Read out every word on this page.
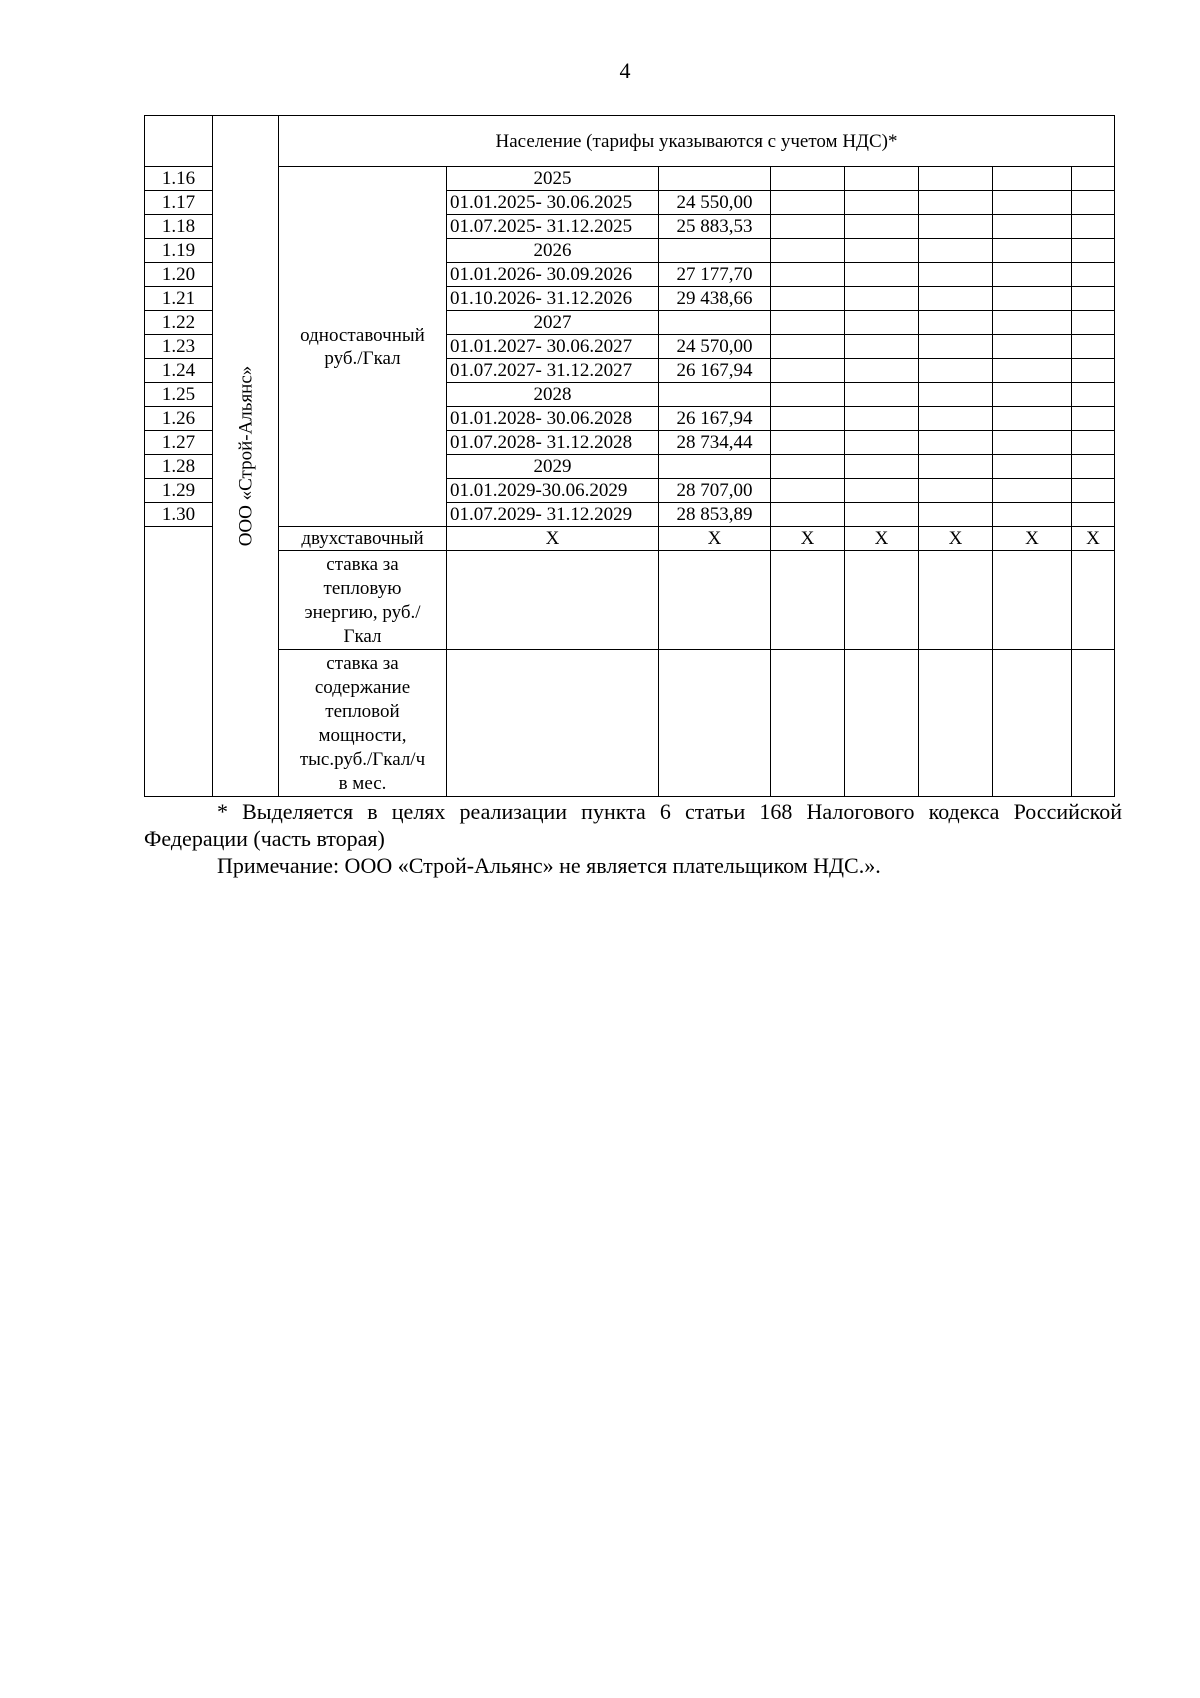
4

	ООО «Строй-Альянс»	Население (тарифы указываются с учетом НДС)*							
1.16		одноставочный руб./Гкал	2025						
1.17			01.01.2025- 30.06.2025	24 550,00					
1.18			01.07.2025- 31.12.2025	25 883,53					
1.19			2026						
1.20			01.01.2026- 30.09.2026	27 177,70					
1.21			01.10.2026- 31.12.2026	29 438,66					
1.22			2027						
1.23			01.01.2027- 30.06.2027	24 570,00					
1.24			01.07.2027- 31.12.2027	26 167,94					
1.25			2028						
1.26			01.01.2028- 30.06.2028	26 167,94					
1.27			01.07.2028- 31.12.2028	28 734,44					
1.28			2029						
1.29			01.01.2029-30.06.2029	28 707,00					
1.30			01.07.2029- 31.12.2029	28 853,89					
		двухставочный	Х	Х	Х	Х	Х	Х	Х
		ставка за тепловую энергию, руб./Гкал							
		ставка за содержание тепловой мощности, тыс.руб./Гкал/ч в мес.							
* Выделяется в целях реализации пункта 6 статьи 168 Налогового кодекса Российской Федерации (часть вторая)
Примечание: ООО «Строй-Альянс» не является плательщиком НДС.».
